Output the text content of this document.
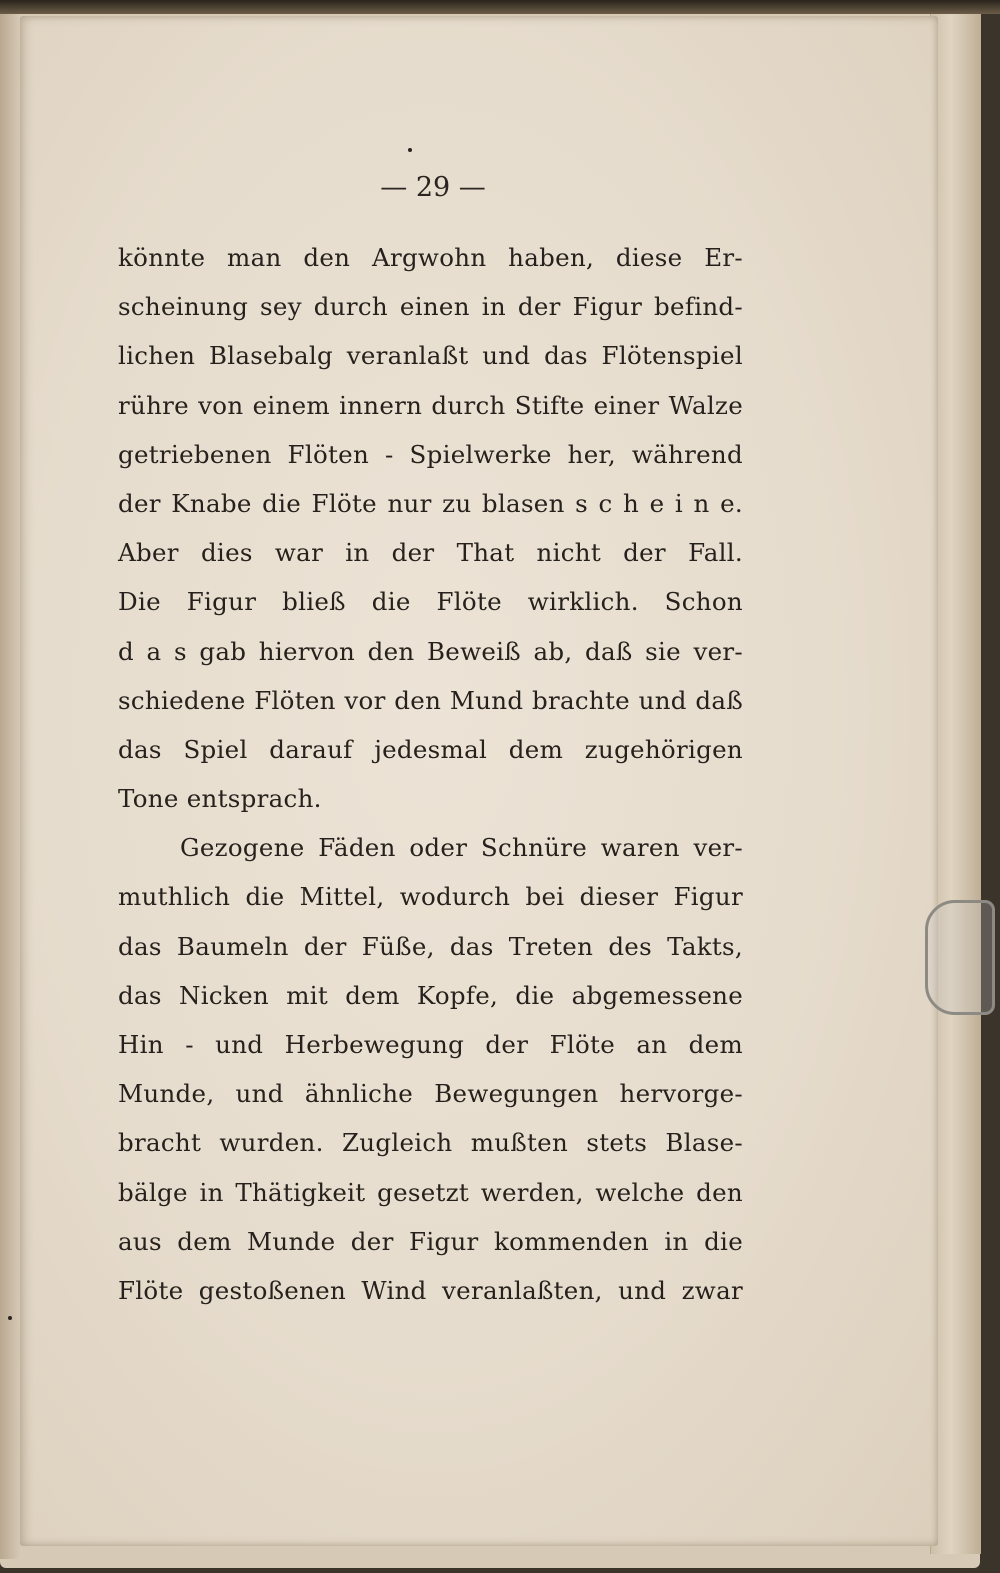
— 29 —
könnte man den Argwohn haben, diese Er-
scheinung sey durch einen in der Figur befind-
lichen Blasebalg veranlaßt und das Flötenspiel
rühre von einem innern durch Stifte einer Walze
getriebenen Flöten - Spielwerke her, während
der Knabe die Flöte nur zu blasen s c h e i n e.
Aber dies war in der That nicht der Fall.
Die Figur bließ die Flöte wirklich. Schon
d a s gab hiervon den Beweiß ab, daß sie ver-
schiedene Flöten vor den Mund brachte und daß
das Spiel darauf jedesmal dem zugehörigen
Tone entsprach.
Gezogene Fäden oder Schnüre waren ver-
muthlich die Mittel, wodurch bei dieser Figur
das Baumeln der Füße, das Treten des Takts,
das Nicken mit dem Kopfe, die abgemessene
Hin - und Herbewegung der Flöte an dem
Munde, und ähnliche Bewegungen hervorge-
bracht wurden. Zugleich mußten stets Blase-
bälge in Thätigkeit gesetzt werden, welche den
aus dem Munde der Figur kommenden in die
Flöte gestoßenen Wind veranlaßten, und zwar
